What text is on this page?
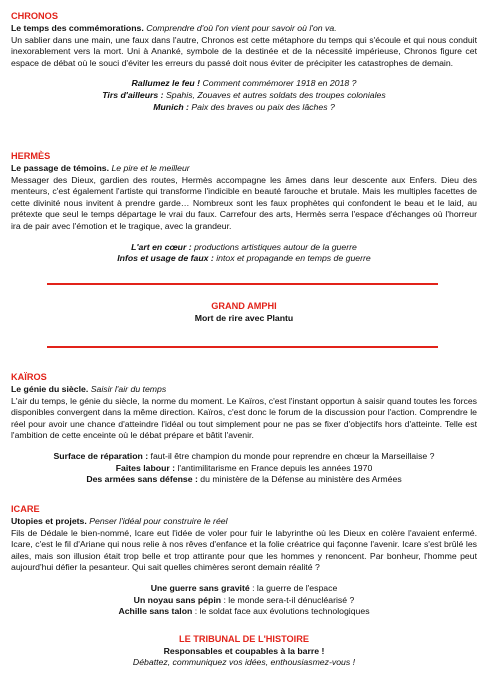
CHRONOS
Le temps des commémorations. Comprendre d'où l'on vient pour savoir où l'on va.
Un sablier dans une main, une faux dans l'autre, Chronos est cette métaphore du temps qui s'écoule et qui nous conduit inexorablement vers la mort. Uni à Ananké, symbole de la destinée et de la nécessité impérieuse, Chronos figure cet espace de débat où le souci d'éviter les erreurs du passé doit nous éviter de précipiter les catastrophes de demain.
Rallumez le feu ! Comment commémorer 1918 en 2018 ?
Tirs d'ailleurs : Spahis, Zouaves et autres soldats des troupes coloniales
Munich : Paix des braves ou paix des lâches ?
HERMÈS
Le passage de témoins. Le pire et le meilleur
Messager des Dieux, gardien des routes, Hermès accompagne les âmes dans leur descente aux Enfers. Dieu des menteurs, c'est également l'artiste qui transforme l'indicible en beauté farouche et brutale. Mais les multiples facettes de cette divinité nous invitent à prendre garde… Nombreux sont les faux prophètes qui confondent le beau et le laid, au prétexte que seul le temps départage le vrai du faux. Carrefour des arts, Hermès serra l'espace d'échanges où l'horreur ira de pair avec l'émotion et le tragique, avec la grandeur.
L'art en cœur : productions artistiques autour de la guerre
Infos et usage de faux : intox et propagande en temps de guerre
GRAND AMPHI
Mort de rire avec Plantu
KAÏROS
Le génie du siècle. Saisir l'air du temps
L'air du temps, le génie du siècle, la norme du moment. Le Kaïros, c'est l'instant opportun à saisir quand toutes les forces disponibles convergent dans la même direction. Kaïros, c'est donc le forum de la discussion pour l'action. Comprendre le réel pour avoir une chance d'atteindre l'idéal ou tout simplement pour ne pas se fixer d'objectifs hors d'atteinte. Telle est l'ambition de cette enceinte où le débat prépare et bâtit l'avenir.
Surface de réparation : faut-il être champion du monde pour reprendre en chœur la Marseillaise ?
Faites labour : l'antimilitarisme en France depuis les années 1970
Des armées sans défense : du ministère de la Défense au ministère des Armées
ICARE
Utopies et projets. Penser l'idéal pour construire le réel
Fils de Dédale le bien-nommé, Icare eut l'idée de voler pour fuir le labyrinthe où les Dieux en colère l'avaient enfermé. Icare, c'est le fil d'Ariane qui nous relie à nos rêves d'enfance et la folie créatrice qui façonne l'avenir. Icare s'est brûlé les ailes, mais son illusion était trop belle et trop attirante pour que les hommes y renoncent. Par bonheur, l'homme peut aujourd'hui défier la pesanteur. Qui sait quelles chimères seront demain réalité ?
Une guerre sans gravité : la guerre de l'espace
Un noyau sans pépin : le monde sera-t-il dénucléarisé ?
Achille sans talon : le soldat face aux évolutions technologiques
LE TRIBUNAL DE L'HISTOIRE
Responsables et coupables à la barre !
Débattez, communiquez vos idées, enthousiasmez-vous !
